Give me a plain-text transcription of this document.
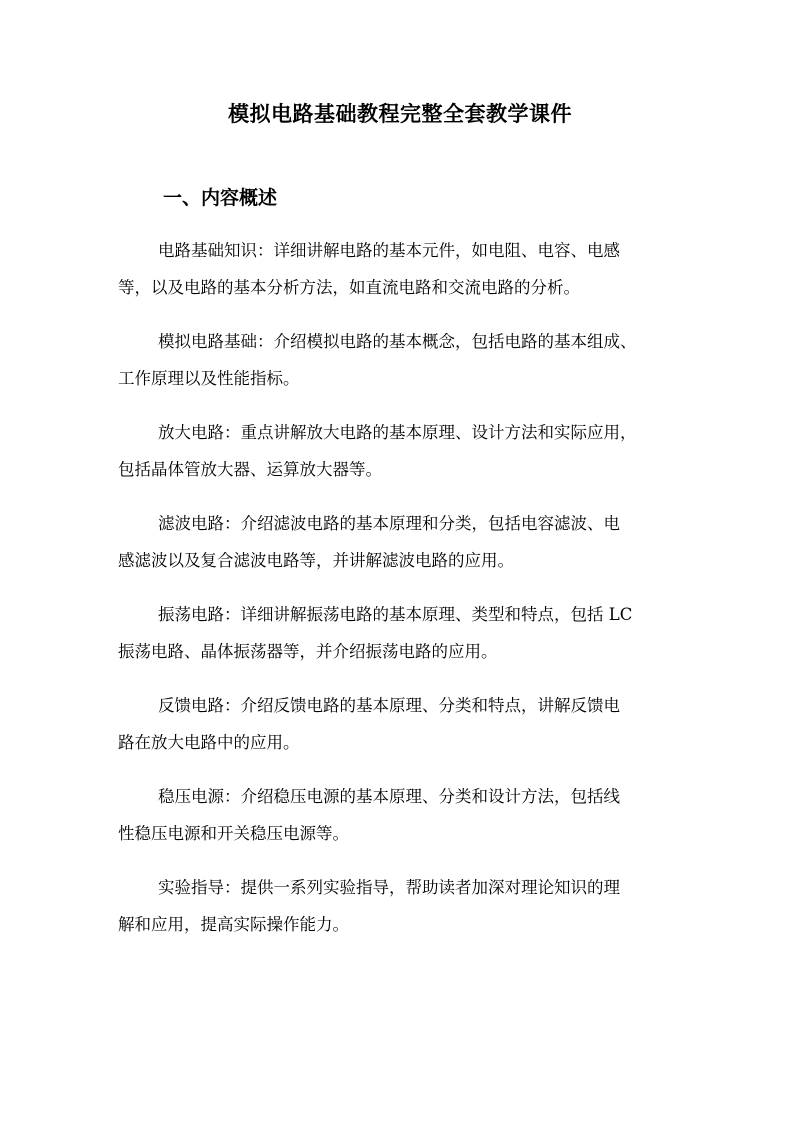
模拟电路基础教程完整全套教学课件
一、内容概述

电路基础知识：详细讲解电路的基本元件，如电阻、电容、电感
等，以及电路的基本分析方法，如直流电路和交流电路的分析。

模拟电路基础：介绍模拟电路的基本概念，包括电路的基本组成、
工作原理以及性能指标。

放大电路：重点讲解放大电路的基本原理、设计方法和实际应用，
包括晶体管放大器、运算放大器等。

滤波电路：介绍滤波电路的基本原理和分类，包括电容滤波、电
感滤波以及复合滤波电路等，并讲解滤波电路的应用。

振荡电路：详细讲解振荡电路的基本原理、类型和特点，包括 LC
振荡电路、晶体振荡器等，并介绍振荡电路的应用。

反馈电路：介绍反馈电路的基本原理、分类和特点，讲解反馈电
路在放大电路中的应用。

稳压电源：介绍稳压电源的基本原理、分类和设计方法，包括线
性稳压电源和开关稳压电源等。

实验指导：提供一系列实验指导，帮助读者加深对理论知识的理
解和应用，提高实际操作能力。
